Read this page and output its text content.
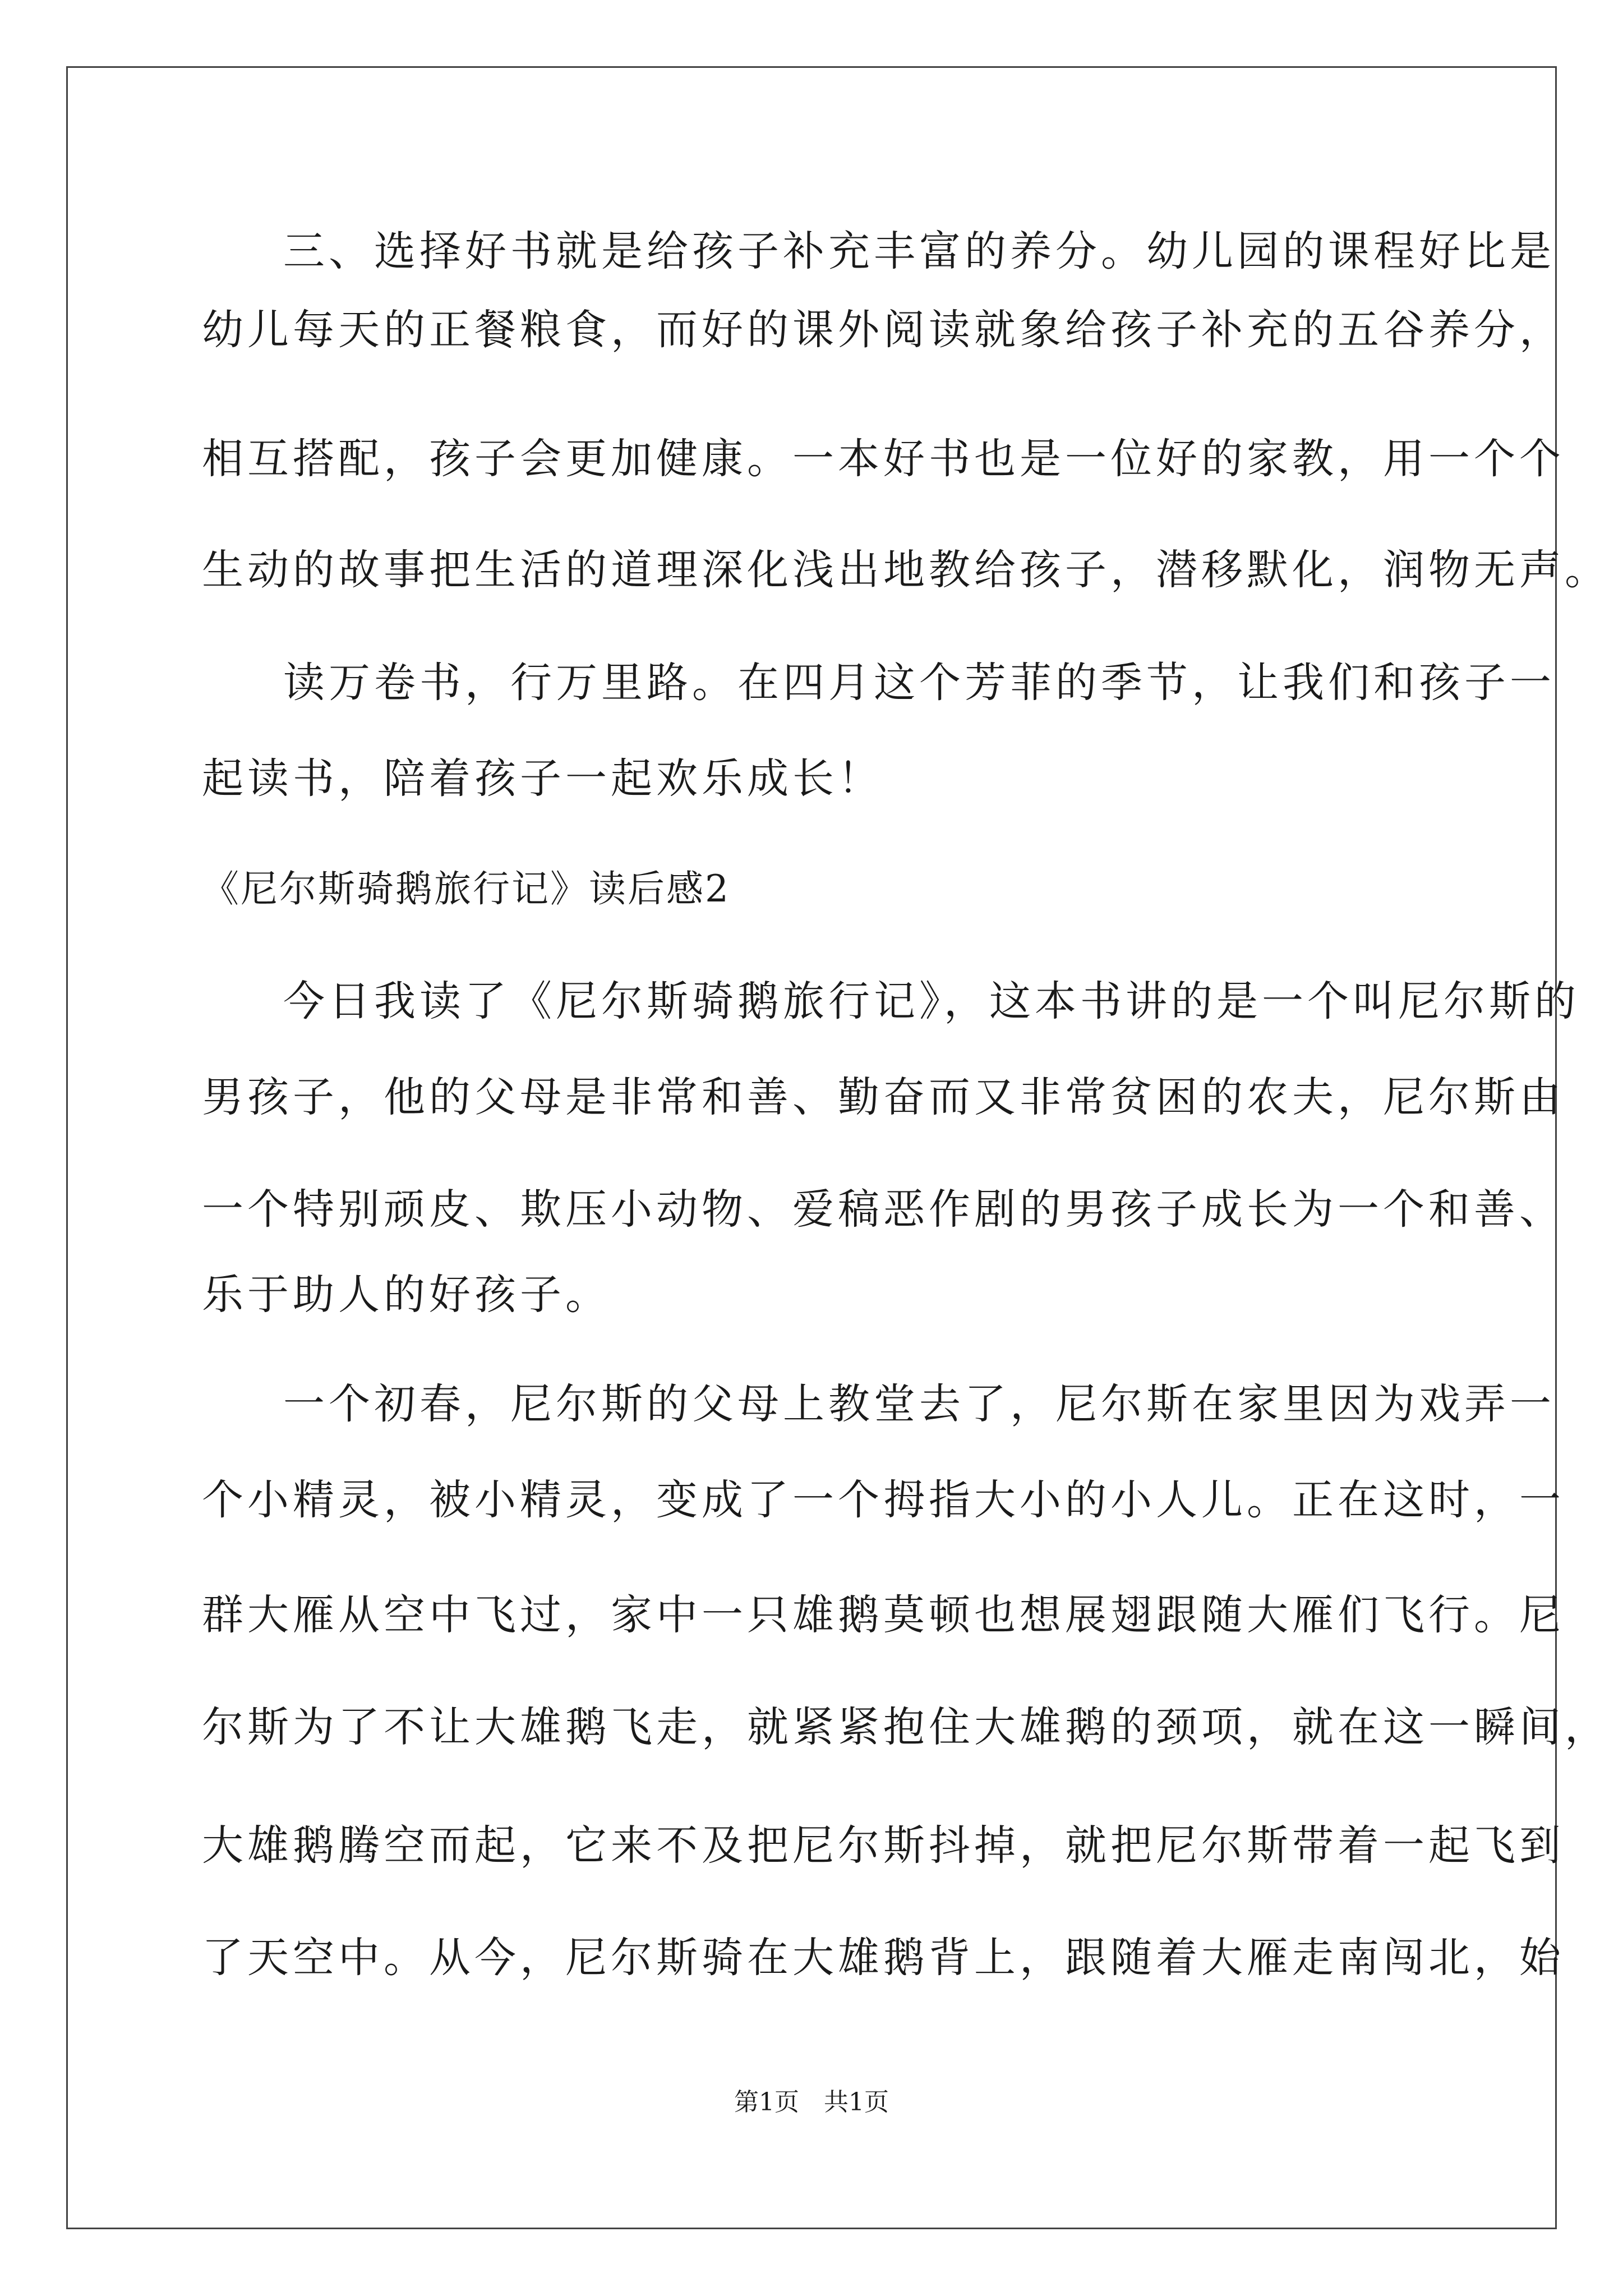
三、选择好书就是给孩子补充丰富的养分。幼儿园的课程好比是
幼儿每天的正餐粮食，而好的课外阅读就象给孩子补充的五谷养分，
相互搭配，孩子会更加健康。一本好书也是一位好的家教，用一个个
生动的故事把生活的道理深化浅出地教给孩子，潜移默化，润物无声。
读万卷书，行万里路。在四月这个芳菲的季节，让我们和孩子一
起读书，陪着孩子一起欢乐成长！
《尼尔斯骑鹅旅行记》读后感2
今日我读了《尼尔斯骑鹅旅行记》，这本书讲的是一个叫尼尔斯的
男孩子，他的父母是非常和善、勤奋而又非常贫困的农夫，尼尔斯由
一个特别顽皮、欺压小动物、爱稿恶作剧的男孩子成长为一个和善、
乐于助人的好孩子。
一个初春，尼尔斯的父母上教堂去了，尼尔斯在家里因为戏弄一
个小精灵，被小精灵，变成了一个拇指大小的小人儿。正在这时，一
群大雁从空中飞过，家中一只雄鹅莫顿也想展翅跟随大雁们飞行。尼
尔斯为了不让大雄鹅飞走，就紧紧抱住大雄鹅的颈项，就在这一瞬间，
大雄鹅腾空而起，它来不及把尼尔斯抖掉，就把尼尔斯带着一起飞到
了天空中。从今，尼尔斯骑在大雄鹅背上，跟随着大雁走南闯北，始
第1页 共1页
